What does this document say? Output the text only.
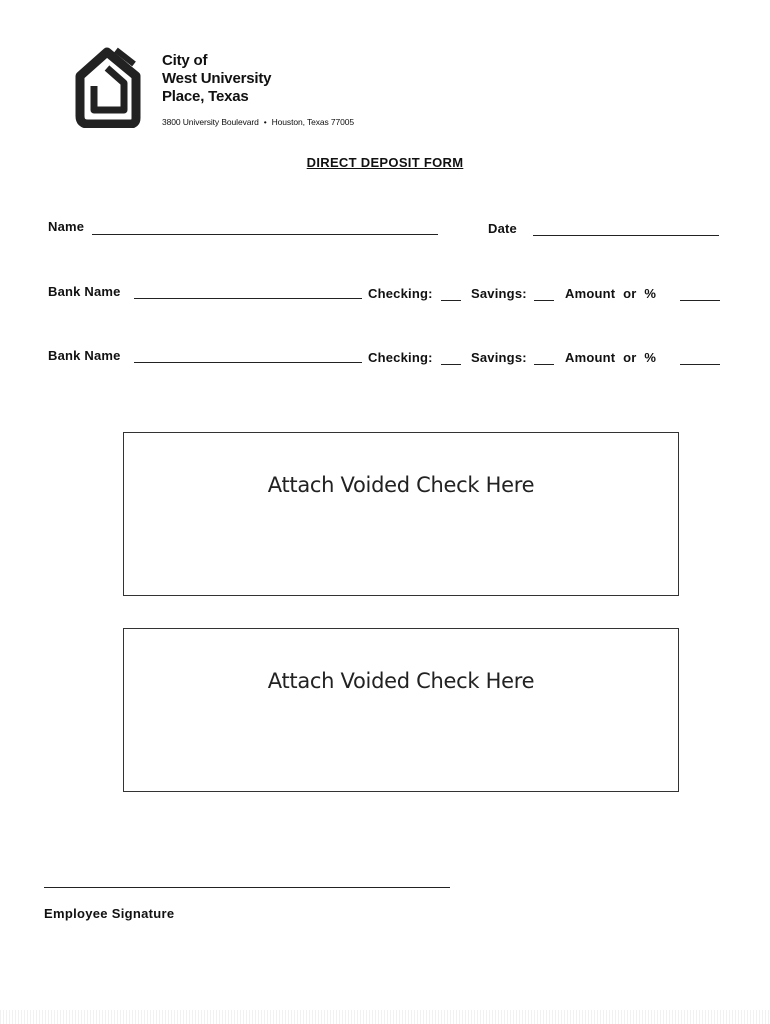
City of
West University
Place, Texas
3800 University Boulevard • Houston, Texas 77005
DIRECT DEPOSIT FORM
Name	Date
Bank Name	Checking:	Savings:	Amount or %
Bank Name	Checking:	Savings:	Amount or %
Attach Voided Check Here
Attach Voided Check Here
Employee Signature
